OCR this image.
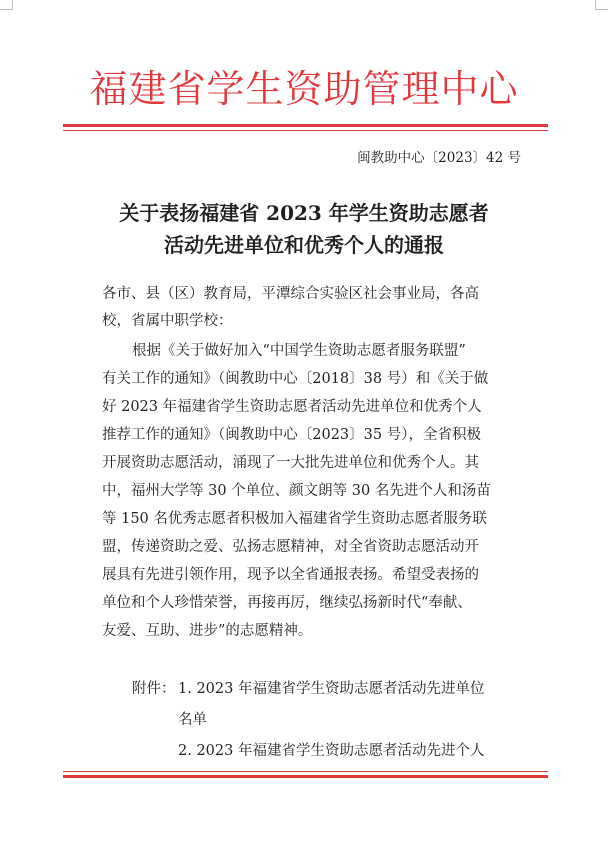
福建省学生资助管理中心
闽教助中心〔2023〕42 号
关于表扬福建省 2023 年学生资助志愿者
活动先进单位和优秀个人的通报
各市、县（区）教育局，平潭综合实验区社会事业局，各高
校，省属中职学校：
根据《关于做好加入“中国学生资助志愿者服务联盟”
有关工作的通知》（闽教助中心〔2018〕38 号）和《关于做
好 2023 年福建省学生资助志愿者活动先进单位和优秀个人
推荐工作的通知》（闽教助中心〔2023〕35 号），全省积极
开展资助志愿活动，涌现了一大批先进单位和优秀个人。其
中，福州大学等 30 个单位、颜文朗等 30 名先进个人和汤苗
等 150 名优秀志愿者积极加入福建省学生资助志愿者服务联
盟，传递资助之爱、弘扬志愿精神，对全省资助志愿活动开
展具有先进引领作用，现予以全省通报表扬。希望受表扬的
单位和个人珍惜荣誉，再接再厉，继续弘扬新时代“奉献、
友爱、互助、进步”的志愿精神。
附件： 1. 2023 年福建省学生资助志愿者活动先进单位
名单
2. 2023 年福建省学生资助志愿者活动先进个人
